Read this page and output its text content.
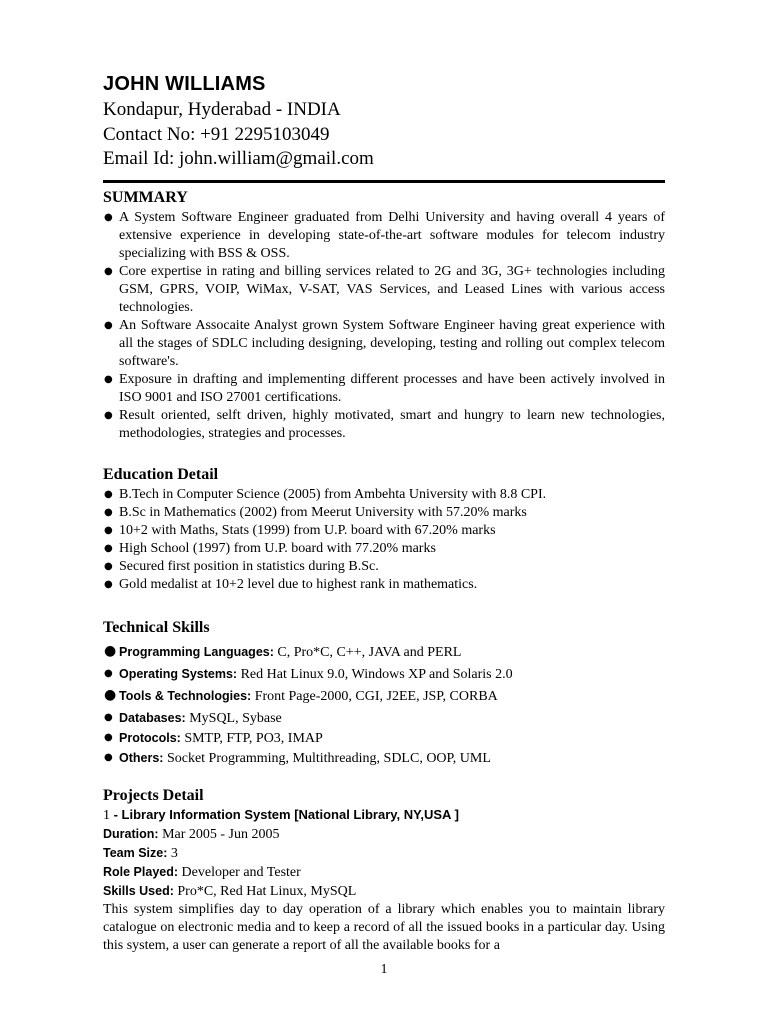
JOHN WILLIAMS
Kondapur, Hyderabad - INDIA
Contact No: +91 2295103049
Email Id: john.william@gmail.com
SUMMARY
● A System Software Engineer graduated from Delhi University and having overall 4 years of extensive experience in developing state-of-the-art software modules for telecom industry specializing with BSS & OSS.
● Core expertise in rating and billing services related to 2G and 3G, 3G+ technologies including GSM, GPRS, VOIP, WiMax, V-SAT, VAS Services, and Leased Lines with various access technologies.
● An Software Assocaite Analyst grown System Software Engineer having great experience with all the stages of SDLC including designing, developing, testing and rolling out complex telecom software's.
● Exposure in drafting and implementing different processes and have been actively involved in ISO 9001 and ISO 27001 certifications.
● Result oriented, selft driven, highly motivated, smart and hungry to learn new technologies, methodologies, strategies and processes.
Education Detail
● B.Tech in Computer Science (2005) from Ambehta University with 8.8 CPI.
● B.Sc in Mathematics (2002) from Meerut University with 57.20% marks
● 10+2 with Maths, Stats (1999) from U.P. board with 67.20% marks
● High School (1997) from U.P. board with 77.20% marks
● Secured first position in statistics during B.Sc.
● Gold medalist at 10+2 level due to highest rank in mathematics.
Technical Skills
● Programming Languages: C, Pro*C, C++, JAVA and PERL
● Operating Systems: Red Hat Linux 9.0, Windows XP and Solaris 2.0
● Tools & Technologies: Front Page-2000, CGI, J2EE, JSP, CORBA
● Databases: MySQL, Sybase
● Protocols: SMTP, FTP, PO3, IMAP
● Others: Socket Programming, Multithreading, SDLC, OOP, UML
Projects Detail
1 - Library Information System [National Library, NY,USA ]
Duration: Mar 2005 - Jun 2005
Team Size: 3
Role Played: Developer and Tester
Skills Used: Pro*C, Red Hat Linux, MySQL
This system simplifies day to day operation of a library which enables you to maintain library catalogue on electronic media and to keep a record of all the issued books in a particular day. Using this system, a user can generate a report of all the available books for a
1
